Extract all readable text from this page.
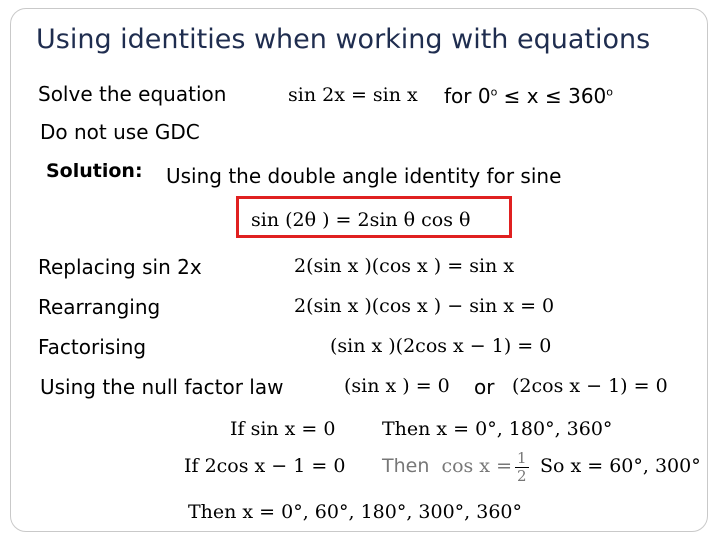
Using identities when working with equations
Solve the equation	sin 2x = sin x for $0^o \le x \le 360^o$
Do not use GDC
Solution: Using the double angle identity for sine
sin (2θ ) = 2sin θ cos θ
Replacing sin 2x	2(sin x )(cos x ) = sin x
Rearranging	2(sin x )(cos x ) − sin x = 0
Factorising	(sin x )(2cos x − 1) = 0
Using the null factor law	(sin x ) = 0 or (2cos x − 1) = 0
If sin x = 0 Then x = 0°, 180°, 360°
If 2cos x − 1 = 0 Then $\cos x = \frac{1}{2}$ So x = 60°, 300°
Then x = 0°, 60°, 180°, 300°, 360°
